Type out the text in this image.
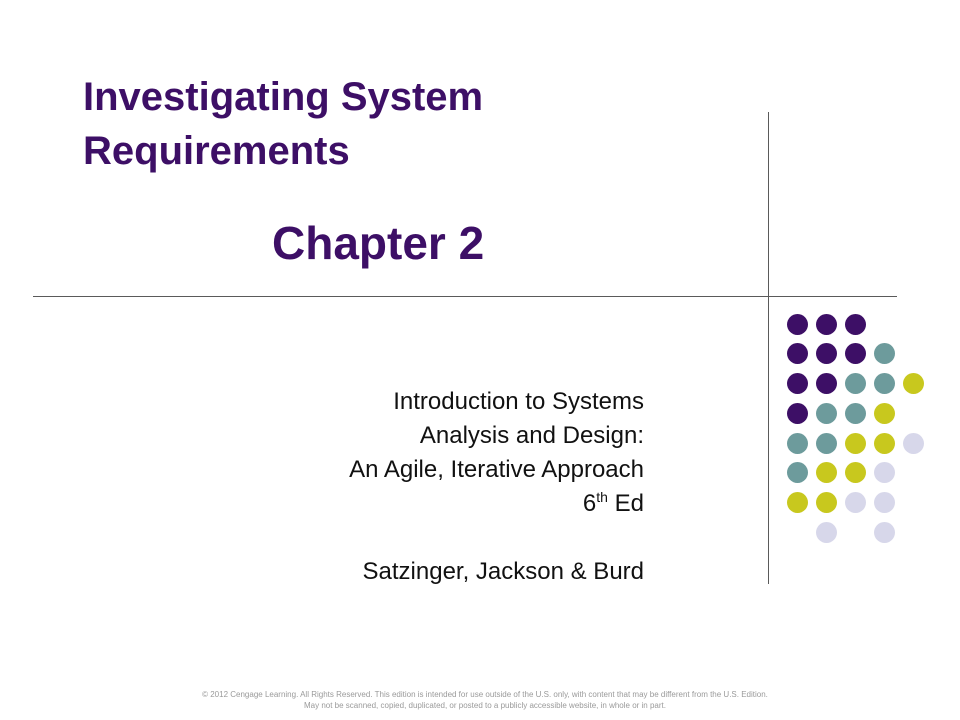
Investigating System
Requirements
Chapter 2
Introduction to Systems
Analysis and Design:
An Agile, Iterative Approach
6th Ed
Satzinger, Jackson & Burd
© 2012 Cengage Learning. All Rights Reserved. This edition is intended for use outside of the U.S. only, with content that may be different from the U.S. Edition.
May not be scanned, copied, duplicated, or posted to a publicly accessible website, in whole or in part.
